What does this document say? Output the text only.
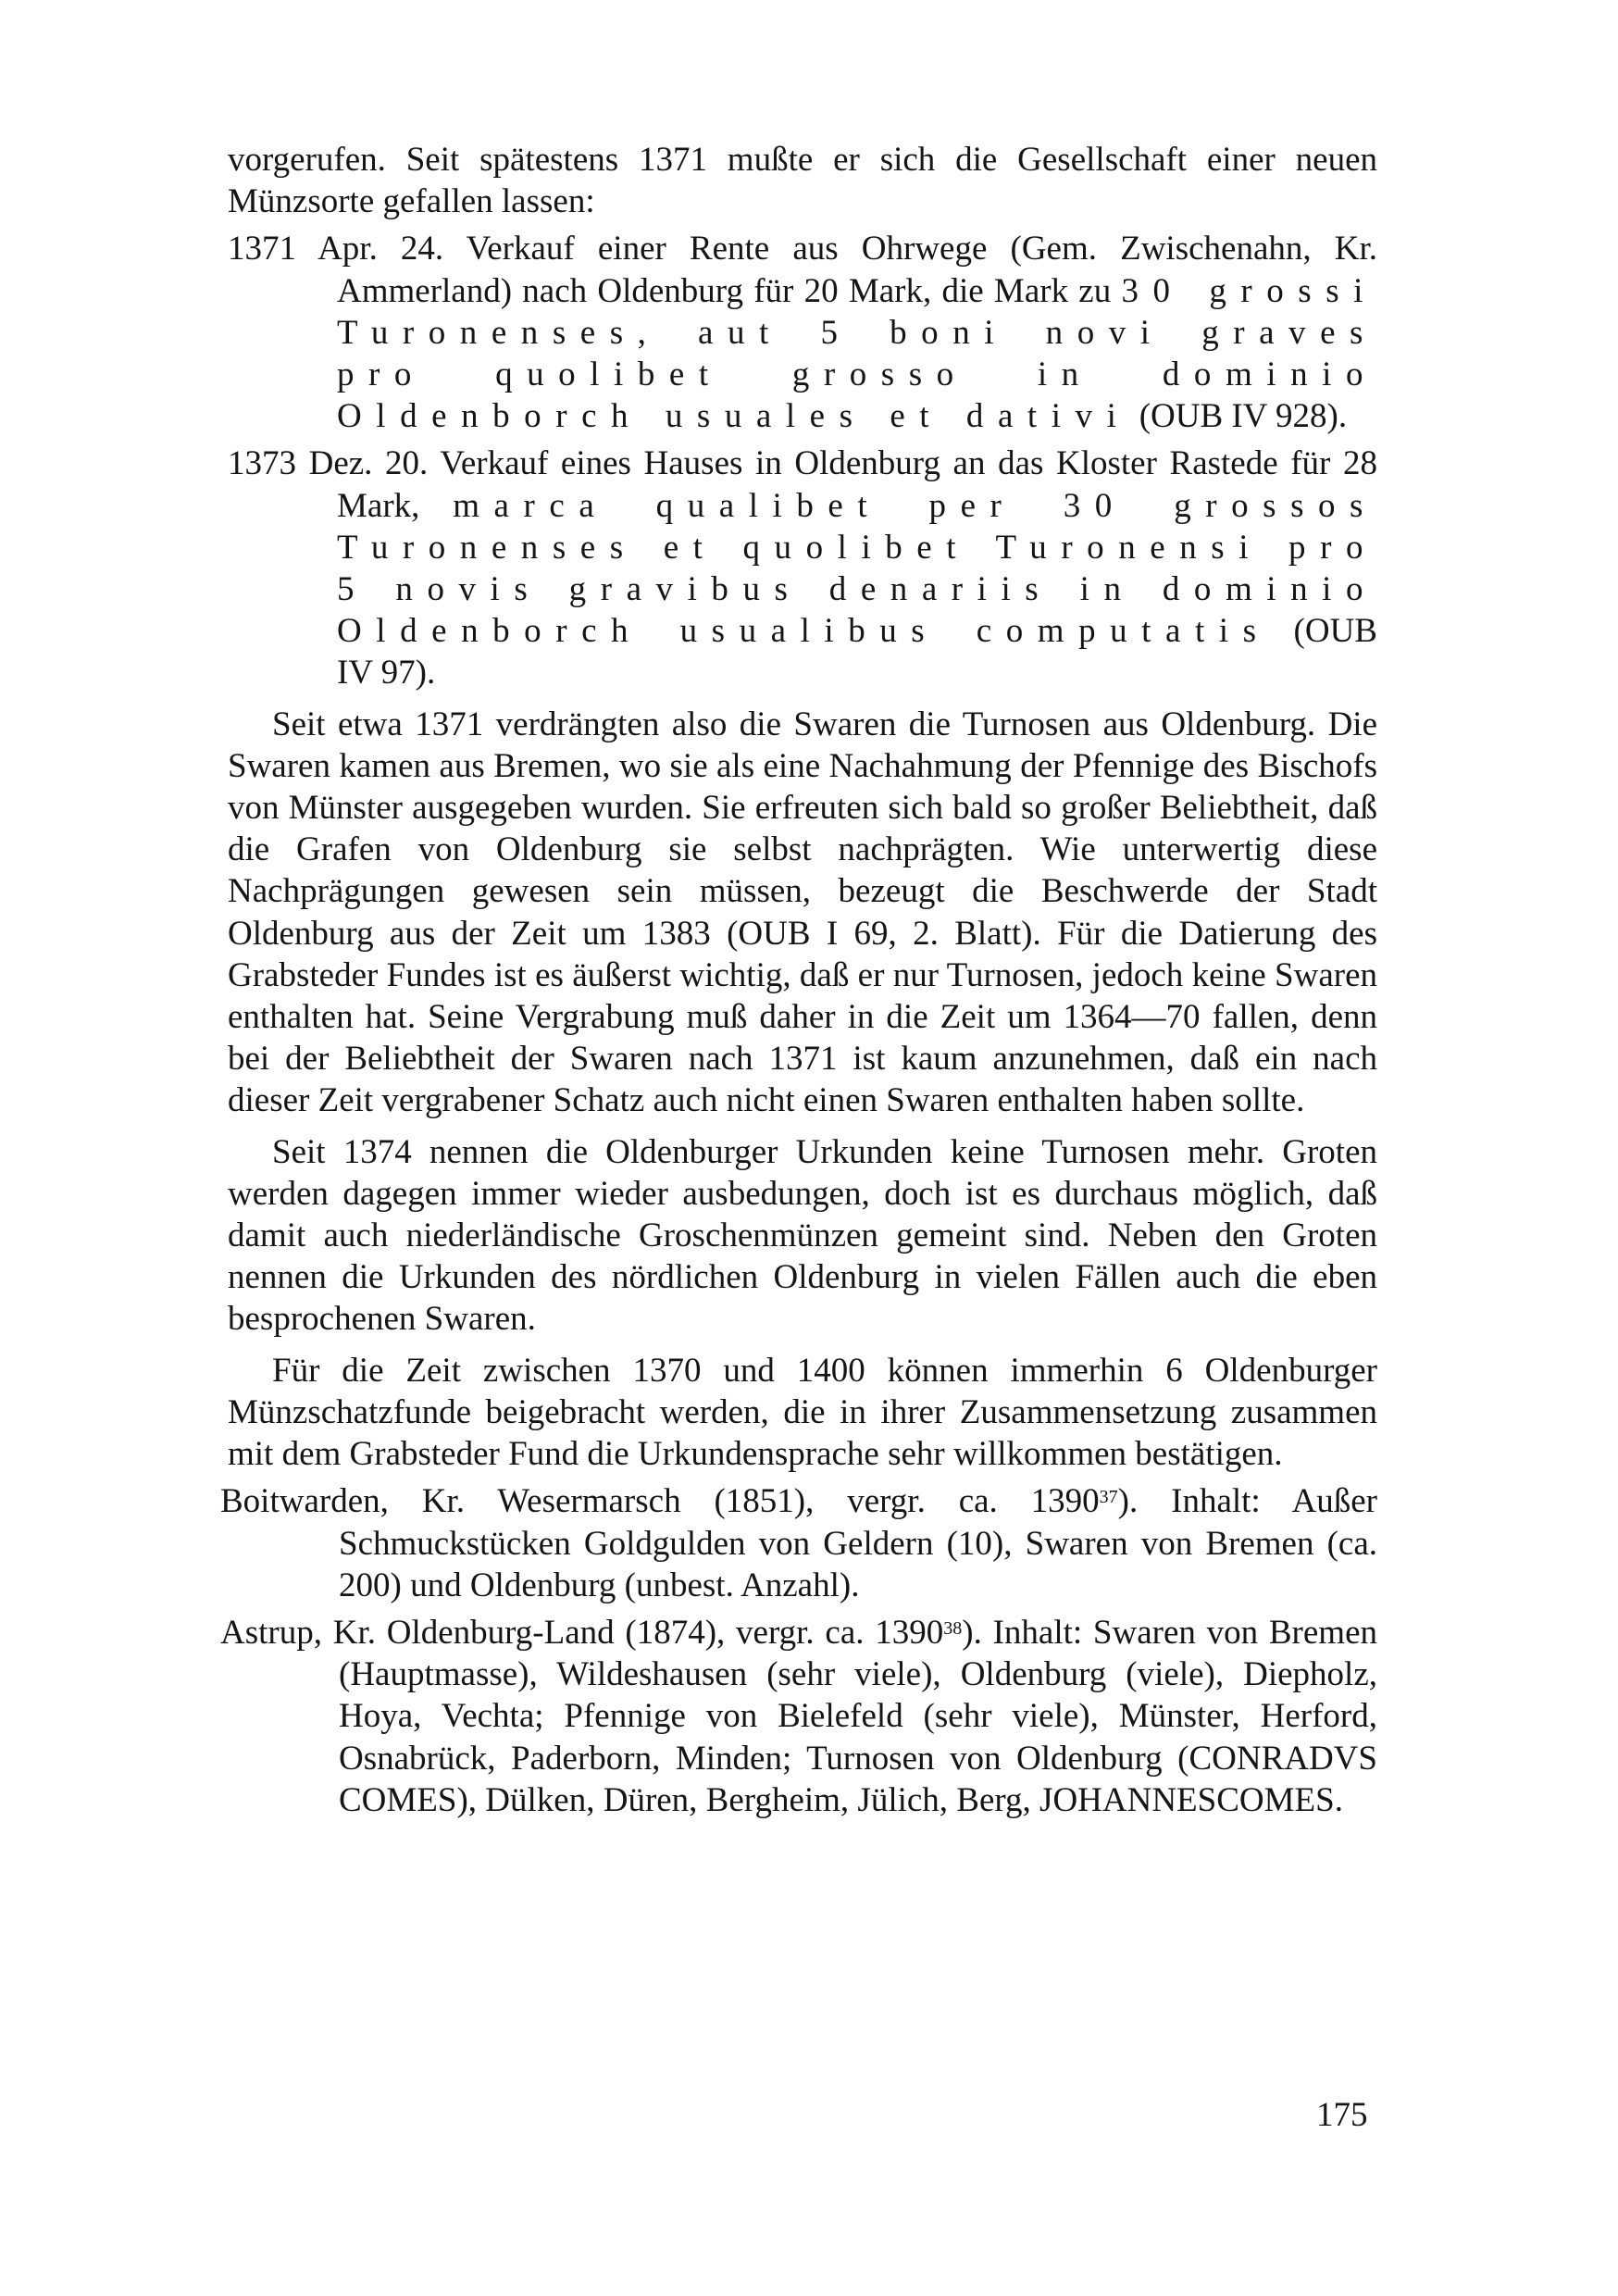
vorgerufen. Seit spätestens 1371 mußte er sich die Gesellschaft einer neuen Münzsorte gefallen lassen:

1371 Apr. 24. Verkauf einer Rente aus Ohrwege (Gem. Zwischenahn, Kr. Ammerland) nach Oldenburg für 20 Mark, die Mark zu 30 grossi Turonenses, aut 5 boni novi graves pro quolibet grosso in dominio Oldenborch usuales et dativi (OUB IV 928).

1373 Dez. 20. Verkauf eines Hauses in Oldenburg an das Kloster Rastede für 28 Mark, marca qualibet per 30 grossos Turonenses et quolibet Turonensi pro 5 novis gravibus denariis in dominio Oldenborch usualibus computatis (OUB IV 97).

Seit etwa 1371 verdrängten also die Swaren die Turnosen aus Oldenburg. Die Swaren kamen aus Bremen, wo sie als eine Nachahmung der Pfennige des Bischofs von Münster ausgegeben wurden. Sie erfreuten sich bald so großer Beliebtheit, daß die Grafen von Oldenburg sie selbst nachprägten. Wie unterwertig diese Nachprägungen gewesen sein müssen, bezeugt die Beschwerde der Stadt Oldenburg aus der Zeit um 1383 (OUB I 69, 2. Blatt). Für die Datierung des Grabsteder Fundes ist es äußerst wichtig, daß er nur Turnosen, jedoch keine Swaren enthalten hat. Seine Vergrabung muß daher in die Zeit um 1364—70 fallen, denn bei der Beliebtheit der Swaren nach 1371 ist kaum anzunehmen, daß ein nach dieser Zeit vergrabener Schatz auch nicht einen Swaren enthalten haben sollte.

Seit 1374 nennen die Oldenburger Urkunden keine Turnosen mehr. Groten werden dagegen immer wieder ausbedungen, doch ist es durchaus möglich, daß damit auch niederländische Groschenmünzen gemeint sind. Neben den Groten nennen die Urkunden des nördlichen Oldenburg in vielen Fällen auch die eben besprochenen Swaren.

Für die Zeit zwischen 1370 und 1400 können immerhin 6 Oldenburger Münzschatzfunde beigebracht werden, die in ihrer Zusammensetzung zusammen mit dem Grabsteder Fund die Urkundensprache sehr willkommen bestätigen.

Boitwarden, Kr. Wesermarsch (1851), vergr. ca. 1390$^{37}$). Inhalt: Außer Schmuckstücken Goldgulden von Geldern (10), Swaren von Bremen (ca. 200) und Oldenburg (unbest. Anzahl).

Astrup, Kr. Oldenburg-Land (1874), vergr. ca. 1390$^{38}$). Inhalt: Swaren von Bremen (Hauptmasse), Wildeshausen (sehr viele), Oldenburg (viele), Diepholz, Hoya, Vechta; Pfennige von Bielefeld (sehr viele), Münster, Herford, Osnabrück, Paderborn, Minden; Turnosen von Oldenburg (CONRADVS COMES), Dülken, Düren, Bergheim, Jülich, Berg, JOHANNESCOMES.

175
